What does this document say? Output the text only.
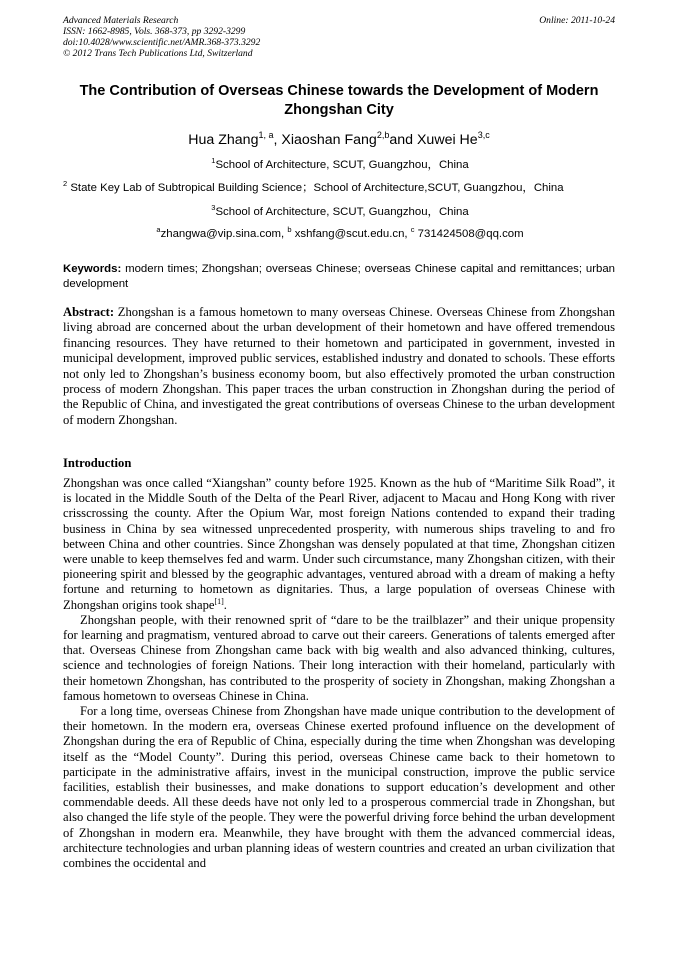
Advanced Materials Research	Online: 2011-10-24
ISSN: 1662-8985, Vols. 368-373, pp 3292-3299
doi:10.4028/www.scientific.net/AMR.368-373.3292
© 2012 Trans Tech Publications Ltd, Switzerland
The Contribution of Overseas Chinese towards the Development of Modern Zhongshan City
Hua Zhang$^{1, a}$, Xiaoshan Fang$^{2,b}$and Xuwei He$^{3,c}$
$^1$School of Architecture, SCUT, Guangzhou，China
$^2$ State Key Lab of Subtropical Building Science；School of Architecture,SCUT, Guangzhou，China
$^3$School of Architecture, SCUT, Guangzhou，China
$^a$zhangwa@vip.sina.com, $^b$ xshfang@scut.edu.cn, $^c$ 731424508@qq.com
Keywords: modern times; Zhongshan; overseas Chinese; overseas Chinese capital and remittances; urban development
Abstract: Zhongshan is a famous hometown to many overseas Chinese. Overseas Chinese from Zhongshan living abroad are concerned about the urban development of their hometown and have offered tremendous financing resources. They have returned to their hometown and participated in government, invested in municipal development, improved public services, established industry and donated to schools. These efforts not only led to Zhongshan’s business economy boom, but also effectively promoted the urban construction process of modern Zhongshan. This paper traces the urban construction in Zhongshan during the period of the Republic of China, and investigated the great contributions of overseas Chinese to the urban development of modern Zhongshan.
Introduction

Zhongshan was once called “Xiangshan” county before 1925. Known as the hub of “Maritime Silk Road”, it is located in the Middle South of the Delta of the Pearl River, adjacent to Macau and Hong Kong with river crisscrossing the county. After the Opium War, most foreign Nations contended to expand their trading business in China by sea witnessed unprecedented prosperity, with numerous ships traveling to and fro between China and other countries. Since Zhongshan was densely populated at that time, Zhongshan citizen were unable to keep themselves fed and warm. Under such circumstance, many Zhongshan citizen, with their pioneering spirit and blessed by the geographic advantages, ventured abroad with a dream of making a hefty fortune and returning to hometown as dignitaries. Thus, a large population of overseas Chinese with Zhongshan origins took shape[1].

Zhongshan people, with their renowned sprit of “dare to be the trailblazer” and their unique propensity for learning and pragmatism, ventured abroad to carve out their careers. Generations of talents emerged after that. Overseas Chinese from Zhongshan came back with big wealth and also advanced thinking, cultures, science and technologies of foreign Nations. Their long interaction with their homeland, particularly with their hometown Zhongshan, has contributed to the prosperity of society in Zhongshan, making Zhongshan a famous hometown to overseas Chinese in China.

For a long time, overseas Chinese from Zhongshan have made unique contribution to the development of their hometown. In the modern era, overseas Chinese exerted profound influence on the development of Zhongshan during the era of Republic of China, especially during the time when Zhongshan was developing itself as the “Model County”. During this period, overseas Chinese came back to their hometown to participate in the administrative affairs, invest in the municipal construction, improve the public service facilities, establish their businesses, and make donations to support education’s development and other commendable deeds. All these deeds have not only led to a prosperous commercial trade in Zhongshan, but also changed the life style of the people. They were the powerful driving force behind the urban development of Zhongshan in modern era. Meanwhile, they have brought with them the advanced commercial ideas, architecture technologies and urban planning ideas of western countries and created an urban civilization that combines the occidental and
